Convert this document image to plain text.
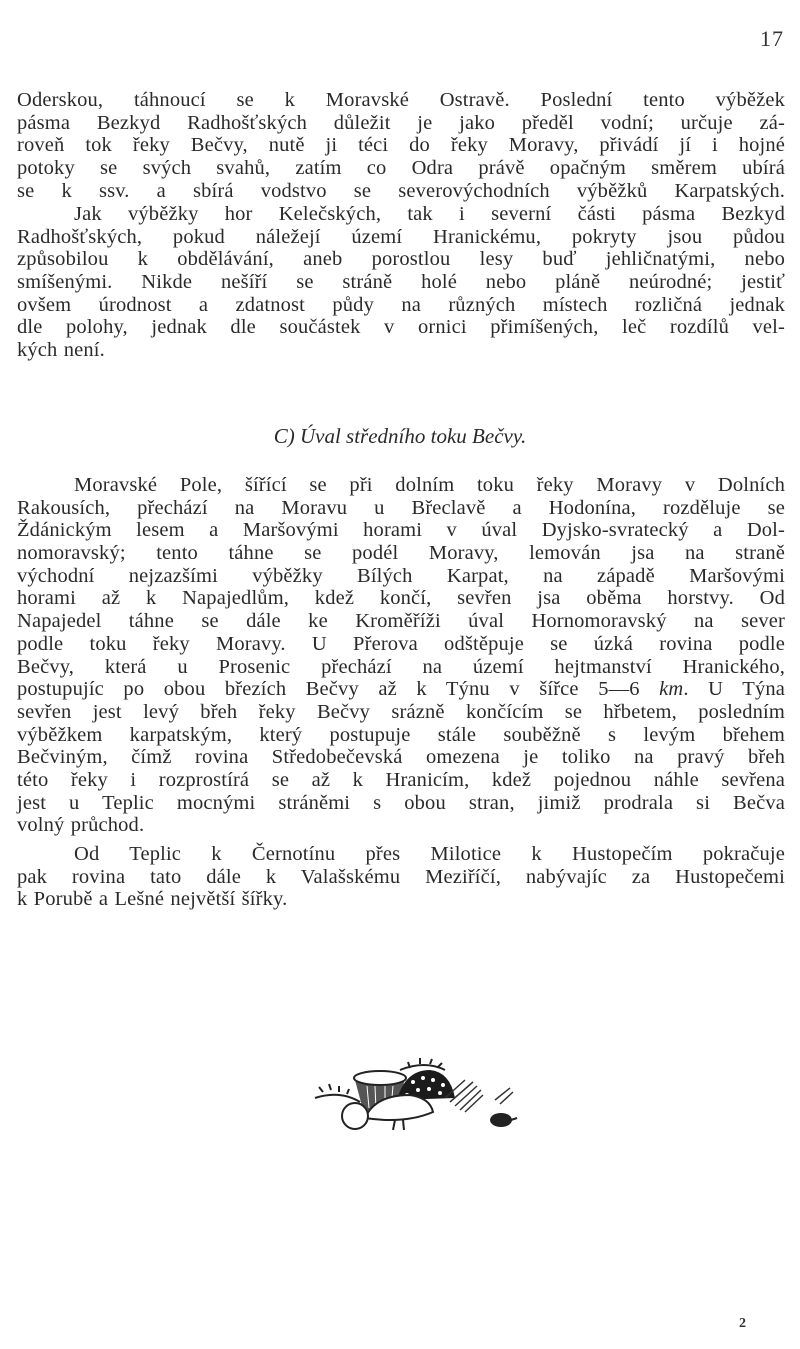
17
Oderskou, táhnoucí se k Moravské Ostravě. Poslední tento výběžek
pásma Bezkyd Radhošťských důležit je jako předěl vodní; určuje zá-
roveň tok řeky Bečvy, nutě ji téci do řeky Moravy, přivádí jí i hojné
potoky se svých svahů, zatím co Odra právě opačným směrem ubírá
se k ssv. a sbírá vodstvo se severovýchodních výběžků Karpatských.
Jak výběžky hor Kelečských, tak i severní části pásma Bezkyd
Radhošťských, pokud náležejí území Hranickému, pokryty jsou půdou
způsobilou k obdělávání, aneb porostlou lesy buď jehličnatými, nebo
smíšenými. Nikde nešíří se stráně holé nebo pláně neúrodné; jestiť
ovšem úrodnost a zdatnost půdy na různých místech rozličná jednak
dle polohy, jednak dle součástek v ornici přimíšených, leč rozdílů vel-
kých není.
C) Úval středního toku Bečvy.
Moravské Pole, šířící se při dolním toku řeky Moravy v Dolních
Rakousích, přechází na Moravu u Břeclavě a Hodonína, rozděluje se
Ždánickým lesem a Maršovými horami v úval Dyjsko-svratecký a Dol-
nomoravský; tento táhne se podél Moravy, lemován jsa na straně
východní nejzazšími výběžky Bílých Karpat, na západě Maršovými
horami až k Napajedlům, kdež končí, sevřen jsa oběma horstvy. Od
Napajedel táhne se dále ke Kroměříži úval Hornomoravský na sever
podle toku řeky Moravy. U Přerova odštěpuje se úzká rovina podle
Bečvy, která u Prosenic přechází na území hejtmanství Hranického,
postupujíc po obou březích Bečvy až k Týnu v šířce 5—6 km. U Týna
sevřen jest levý břeh řeky Bečvy srázně končícím se hřbetem, posledním
výběžkem karpatským, který postupuje stále souběžně s levým břehem
Bečviným, čímž rovina Středobečevská omezena je toliko na pravý břeh
této řeky i rozprostírá se až k Hranicím, kdež pojednou náhle sevřena
jest u Teplic mocnými stráněmi s obou stran, jimiž prodrala si Bečva
volný průchod.
Od Teplic k Černotínu přes Milotice k Hustopečím pokračuje
pak rovina tato dále k Valašskému Meziříčí, nabývajíc za Hustopečemi
k Porubě a Lešné největší šířky.
2
